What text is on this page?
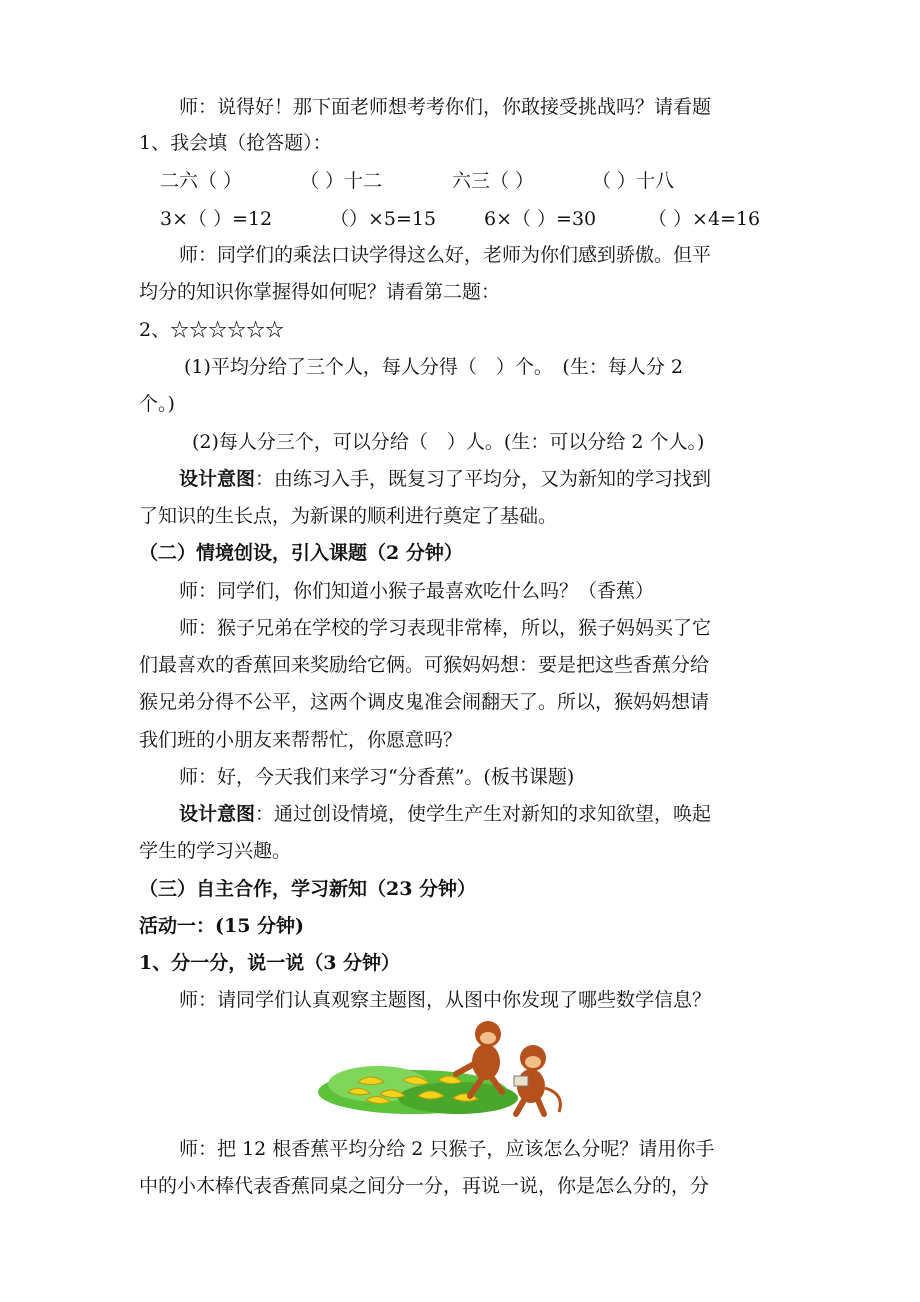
师：说得好！那下面老师想考考你们，你敢接受挑战吗？请看题
1、我会填（抢答题）：
二六（ ）	（ ）十二	六三（ ）	（ ）十八
3×（ ）=12	（）×5=15	6×（ ）=30	（ ）×4=16
师：同学们的乘法口诀学得这么好，老师为你们感到骄傲。但平
均分的知识你掌握得如何呢？请看第二题：
2、☆☆☆☆☆☆
(1)平均分给了三个人，每人分得（　）个。　(生：每人分 2
个。)
(2)每人分三个，可以分给（　）人。(生：可以分给 2 个人。)
设计意图：由练习入手，既复习了平均分，又为新知的学习找到
了知识的生长点，为新课的顺利进行奠定了基础。
（二）情境创设，引入课题（2 分钟）
师：同学们，你们知道小猴子最喜欢吃什么吗？（香蕉）
师：猴子兄弟在学校的学习表现非常棒，所以，猴子妈妈买了它
们最喜欢的香蕉回来奖励给它俩。可猴妈妈想：要是把这些香蕉分给
猴兄弟分得不公平，这两个调皮鬼准会闹翻天了。所以，猴妈妈想请
我们班的小朋友来帮帮忙，你愿意吗？
师：好，今天我们来学习“分香蕉”。(板书课题)
设计意图：通过创设情境，使学生产生对新知的求知欲望，唤起
学生的学习兴趣。
（三）自主合作，学习新知（23 分钟）
活动一：(15 分钟)
1、分一分，说一说（3 分钟）
师：请同学们认真观察主题图，从图中你发现了哪些数学信息？
师：把 12 根香蕉平均分给 2 只猴子，应该怎么分呢？请用你手
中的小木棒代表香蕉同桌之间分一分，再说一说，你是怎么分的，分
